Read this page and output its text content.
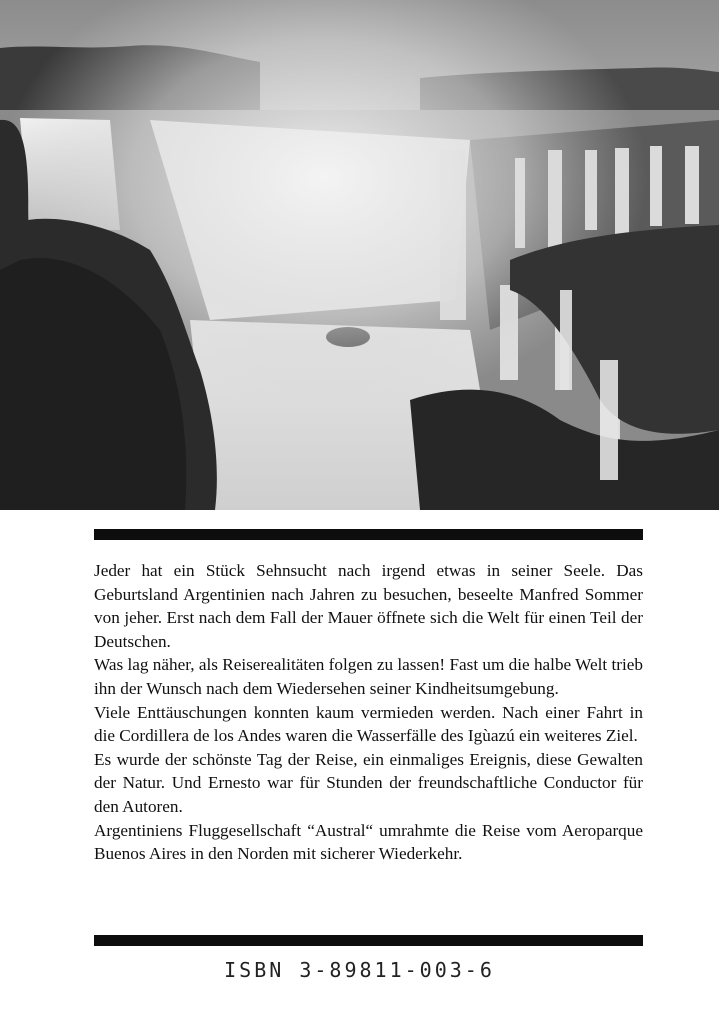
Jeder hat ein Stück Sehnsucht nach irgend etwas in seiner Seele. Das Geburtsland Argentinien nach Jahren zu besuchen, beseelte Manfred Sommer von jeher. Erst nach dem Fall der Mauer öffnete sich die Welt für einen Teil der Deutschen.

Was lag näher, als Reiserealitäten folgen zu lassen! Fast um die halbe Welt trieb ihn der Wunsch nach dem Wiedersehen seiner Kindheitsumgebung.

Viele Enttäuschungen konnten kaum vermieden werden. Nach einer Fahrt in die Cordillera de los Andes waren die Wasserfälle des Igùazú ein weiteres Ziel.

Es wurde der schönste Tag der Reise, ein einmaliges Ereignis, diese Gewalten der Natur. Und Ernesto war für Stunden der freundschaftliche Conductor für den Autoren.

Argentiniens Fluggesellschaft “Austral“ umrahmte die Reise vom Aeroparque Buenos Aires in den Norden mit sicherer Wiederkehr.

ISBN 3-89811-003-6
